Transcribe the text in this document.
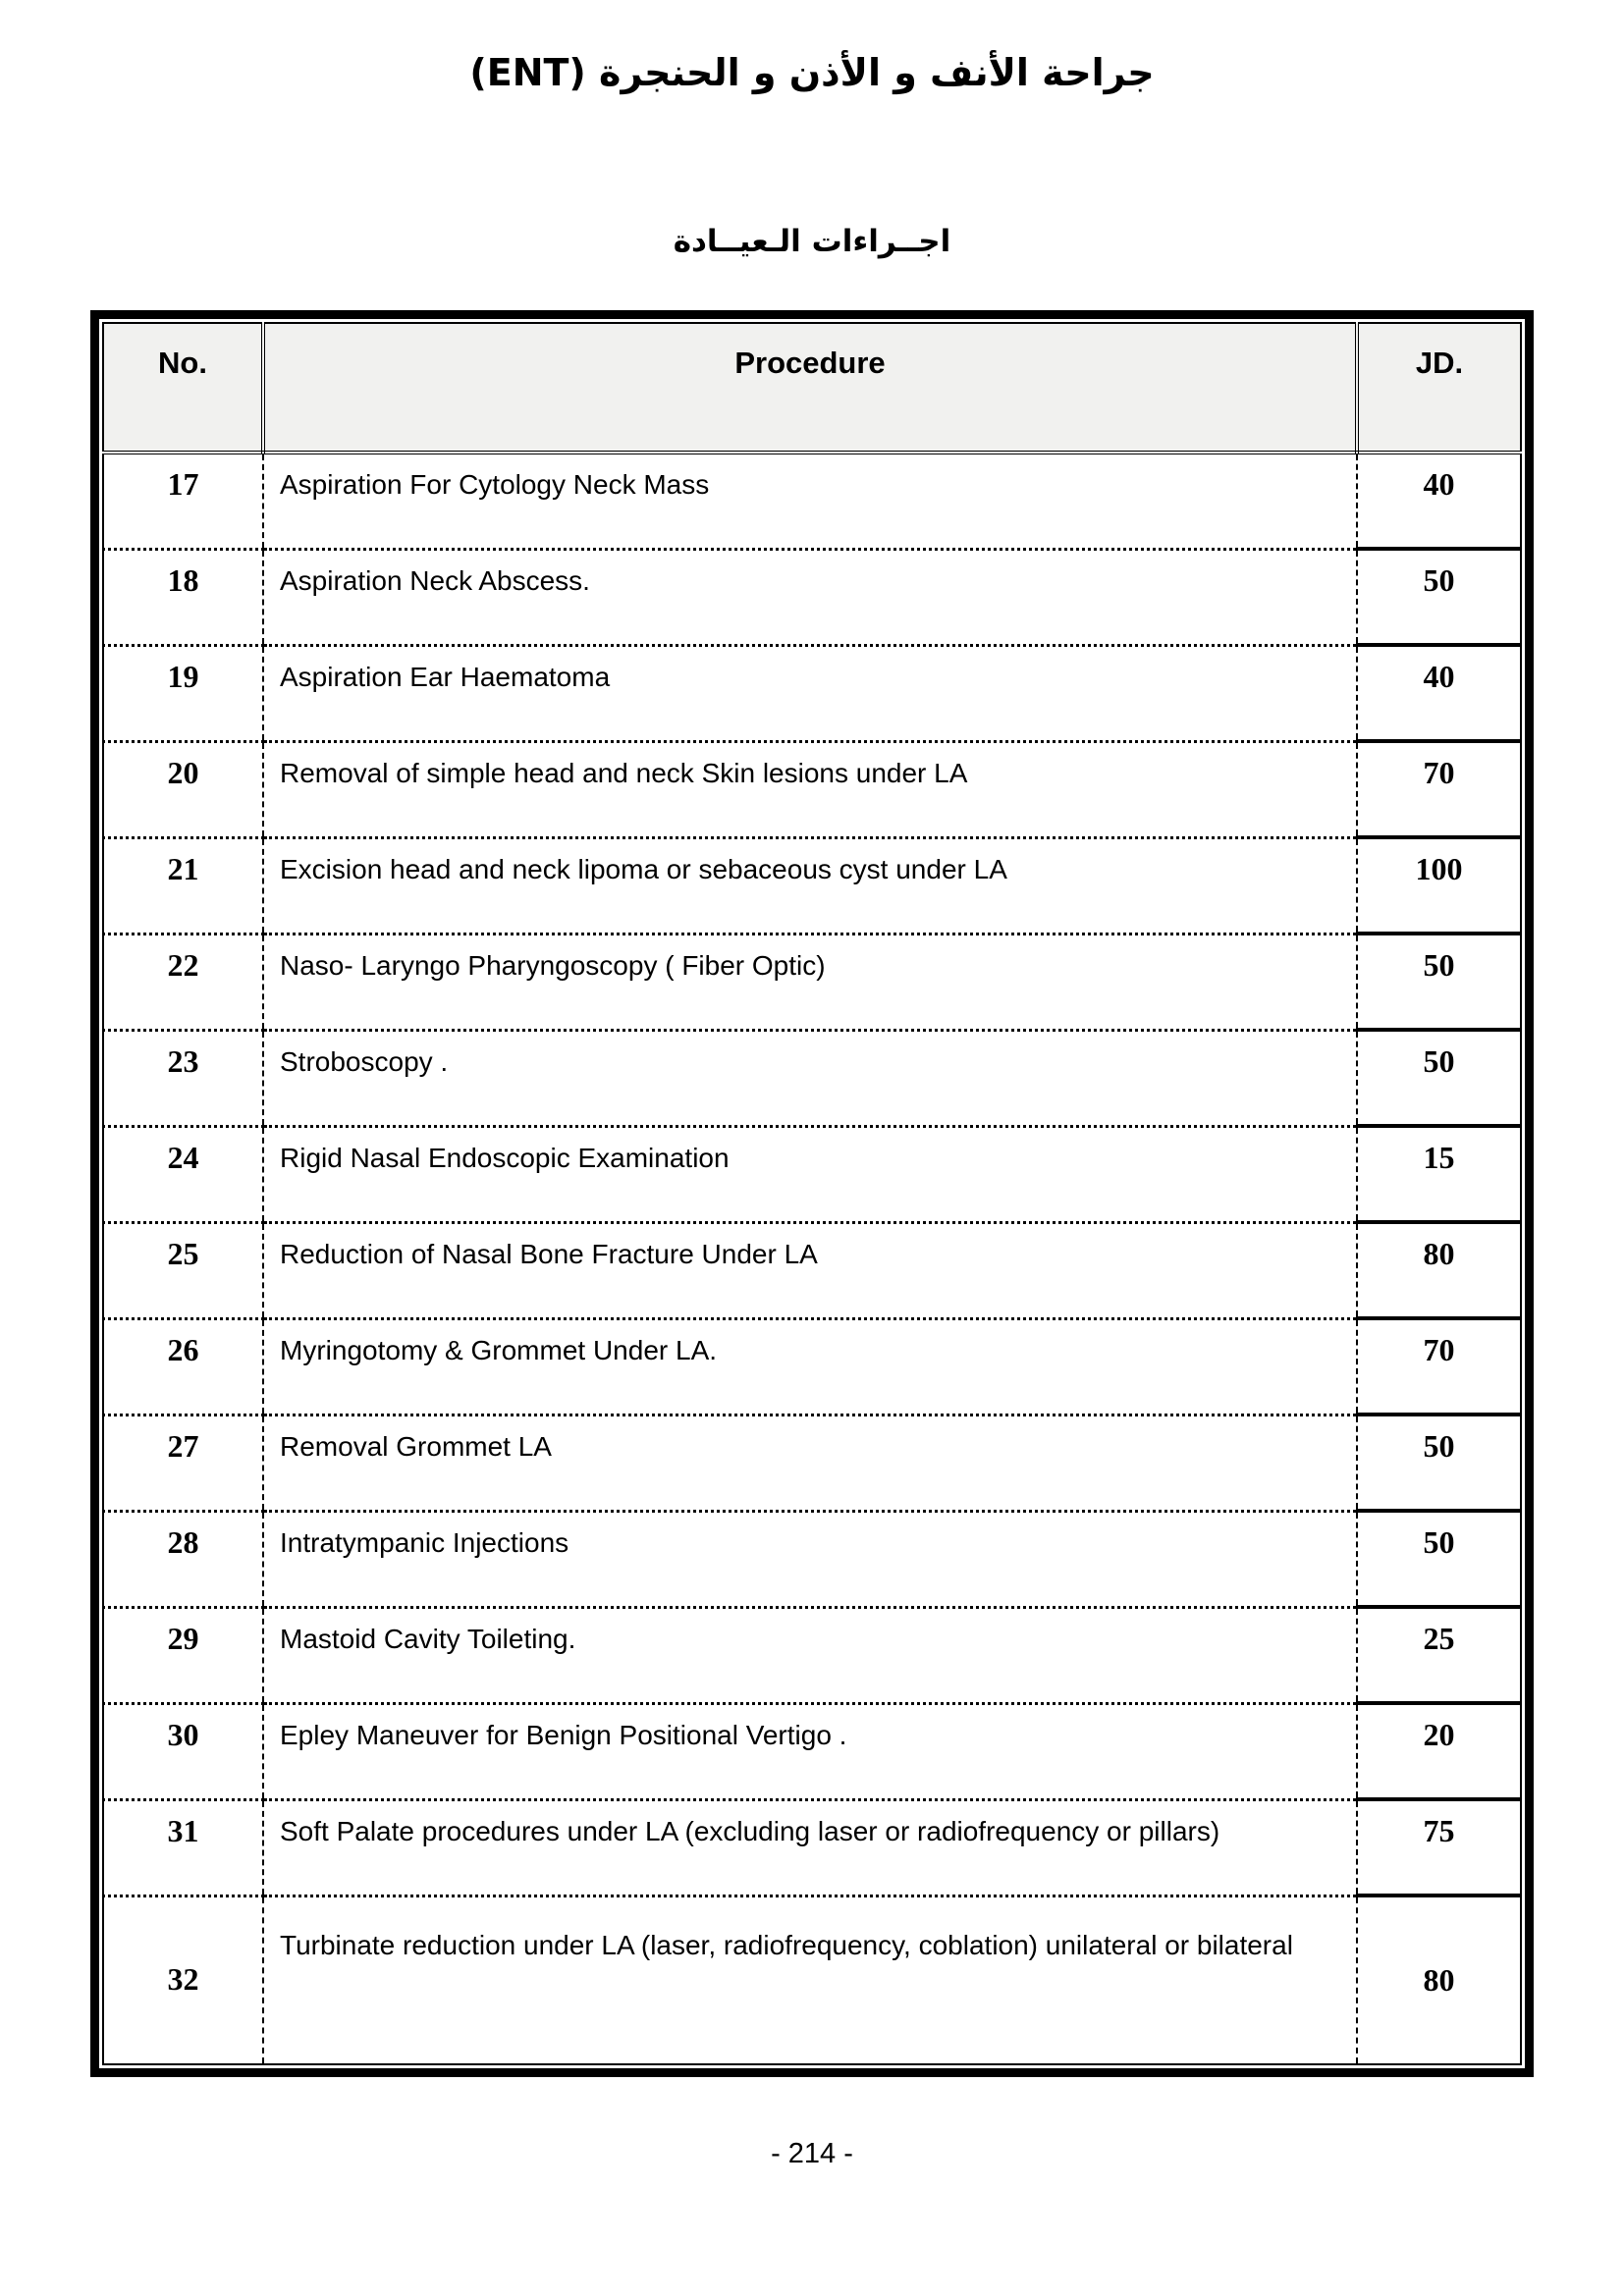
جراحة الأنف و الأذن و الحنجرة (ENT)
اجــراءات الـعيــادة
No.	Procedure	JD.
17	Aspiration For Cytology Neck Mass	40
18	Aspiration Neck Abscess.	50
19	Aspiration Ear Haematoma	40
20	Removal of simple head and neck Skin lesions under LA	70
21	Excision head and neck lipoma or sebaceous cyst under LA	100
22	Naso- Laryngo Pharyngoscopy ( Fiber Optic)	50
23	Stroboscopy .	50
24	Rigid Nasal Endoscopic Examination	15
25	Reduction of Nasal Bone Fracture Under LA	80
26	Myringotomy & Grommet Under LA.	70
27	Removal Grommet LA	50
28	Intratympanic Injections	50
29	Mastoid Cavity Toileting.	25
30	Epley Maneuver for Benign Positional Vertigo .	20
31	Soft Palate procedures under LA (excluding laser or radiofrequency or pillars)	75
32	Turbinate reduction under LA (laser, radiofrequency, coblation) unilateral or bilateral	80
- 214 -
